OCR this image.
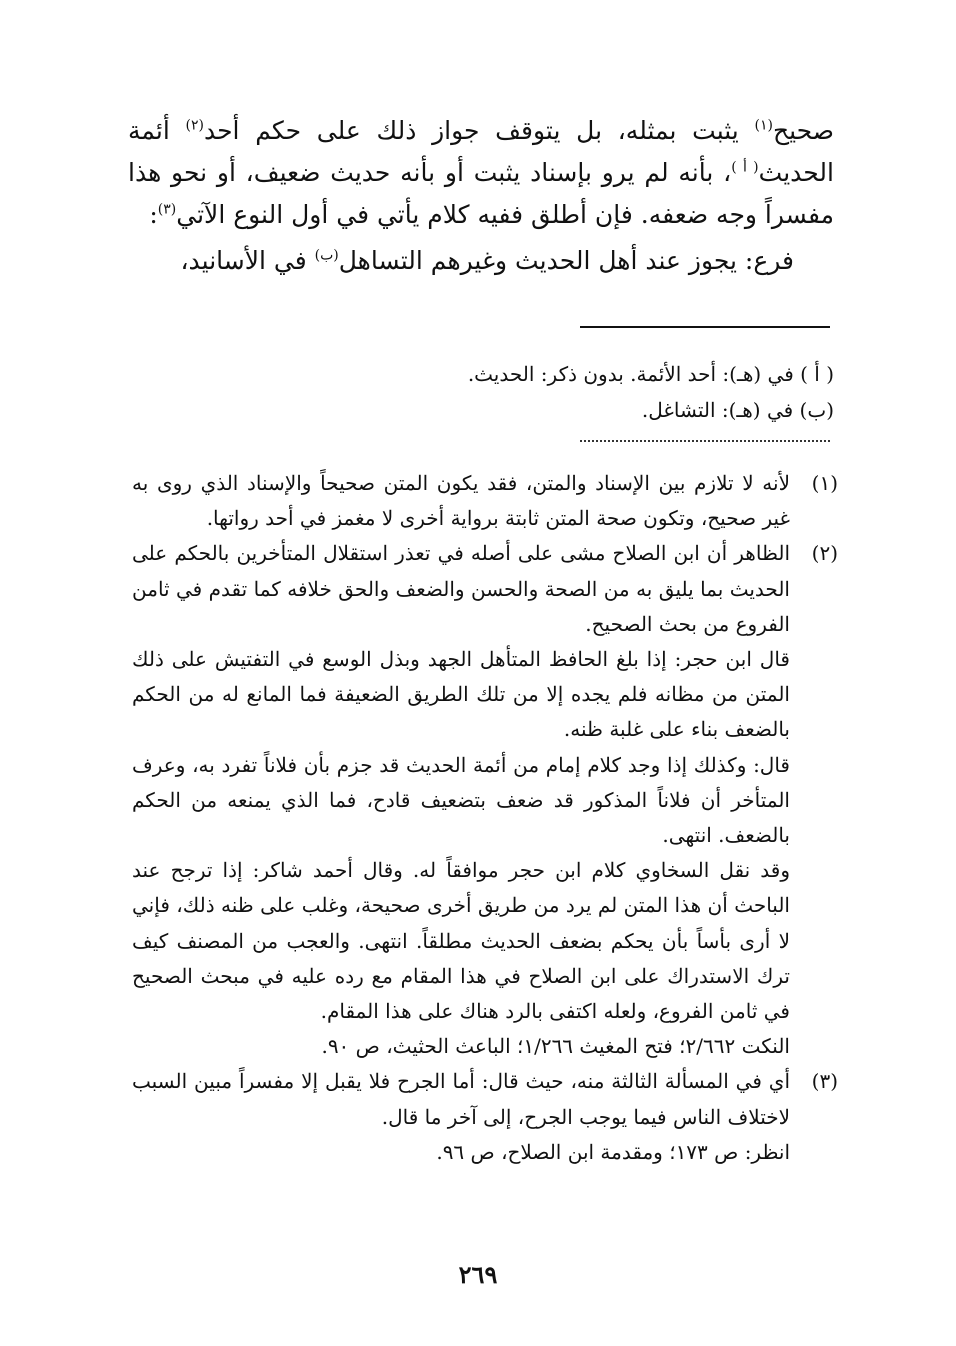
صحيح$^{(١)}$ يثبت بمثله، بل يتوقف جواز ذلك على حكم أحد$^{(٢)}$ أئمة الحديث$^{( أ )}$، بأنه لم يرو بإسناد يثبت أو بأنه حديث ضعيف، أو نحو هذا مفسراً وجه ضعفه. فإن أطلق ففيه كلام يأتي في أول النوع الآتي$^{(٣)}$:

فرع: يجوز عند أهل الحديث وغيرهم التساهل$^{(ب)}$ في الأسانيد،

( أ ) في (هـ): أحد الأئمة. بدون ذكر: الحديث.
(ب) في (هـ): التشاغل.
(١)

لأنه لا تلازم بين الإسناد والمتن، فقد يكون المتن صحيحاً والإسناد الذي روى به غير صحيح، وتكون صحة المتن ثابتة برواية أخرى لا مغمز في أحد رواتها.

(٢)

الظاهر أن ابن الصلاح مشى على أصله في تعذر استقلال المتأخرين بالحكم على الحديث بما يليق به من الصحة والحسن والضعف والحق خلافه كما تقدم في ثامن الفروع من بحث الصحيح.

قال ابن حجر: إذا بلغ الحافظ المتأهل الجهد وبذل الوسع في التفتيش على ذلك المتن من مظانه فلم يجده إلا من تلك الطريق الضعيفة فما المانع له من الحكم بالضعف بناء على غلبة ظنه.

قال: وكذلك إذا وجد كلام إمام من أئمة الحديث قد جزم بأن فلاناً تفرد به، وعرف المتأخر أن فلاناً المذكور قد ضعف بتضعيف قادح، فما الذي يمنعه من الحكم بالضعف. انتهى.

وقد نقل السخاوي كلام ابن حجر موافقاً له. وقال أحمد شاكر: إذا ترجح عند الباحث أن هذا المتن لم يرد من طريق أخرى صحيحة، وغلب على ظنه ذلك، فإني لا أرى بأساً بأن يحكم بضعف الحديث مطلقاً. انتهى. والعجب من المصنف كيف ترك الاستدراك على ابن الصلاح في هذا المقام مع رده عليه في مبحث الصحيح في ثامن الفروع، ولعله اكتفى بالرد هناك على هذا المقام.

النكت ٢/٦٦٢؛ فتح المغيث ١/٢٦٦؛ الباعث الحثيث، ص ٩٠.

(٣)

أي في المسألة الثالثة منه، حيث قال: أما الجرح فلا يقبل إلا مفسراً مبين السبب لاختلاف الناس فيما يوجب الجرح، إلى آخر ما قال.

انظر: ص ١٧٣؛ ومقدمة ابن الصلاح، ص ٩٦.

٢٦٩
